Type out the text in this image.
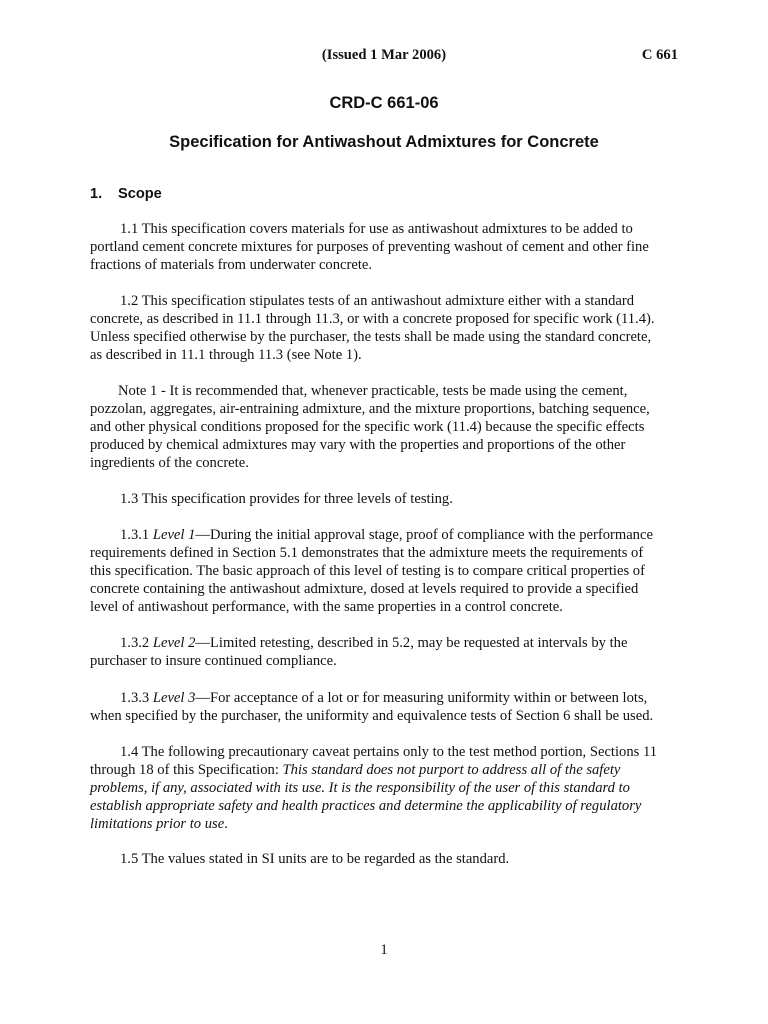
(Issued 1 Mar 2006)	C 661
CRD-C 661-06
Specification for Antiwashout Admixtures for Concrete
1. Scope
1.1 This specification covers materials for use as antiwashout admixtures to be added to
portland cement concrete mixtures for purposes of preventing washout of cement and other fine
fractions of materials from underwater concrete.
1.2 This specification stipulates tests of an antiwashout admixture either with a standard
concrete, as described in 11.1 through 11.3, or with a concrete proposed for specific work (11.4).
Unless specified otherwise by the purchaser, the tests shall be made using the standard concrete,
as described in 11.1 through 11.3 (see Note 1).
Note 1 - It is recommended that, whenever practicable, tests be made using the cement,
pozzolan, aggregates, air-entraining admixture, and the mixture proportions, batching sequence,
and other physical conditions proposed for the specific work (11.4) because the specific effects
produced by chemical admixtures may vary with the properties and proportions of the other
ingredients of the concrete.
1.3 This specification provides for three levels of testing.
1.3.1 Level 1—During the initial approval stage, proof of compliance with the performance
requirements defined in Section 5.1 demonstrates that the admixture meets the requirements of
this specification. The basic approach of this level of testing is to compare critical properties of
concrete containing the antiwashout admixture, dosed at levels required to provide a specified
level of antiwashout performance, with the same properties in a control concrete.
1.3.2 Level 2—Limited retesting, described in 5.2, may be requested at intervals by the
purchaser to insure continued compliance.
1.3.3 Level 3—For acceptance of a lot or for measuring uniformity within or between lots,
when specified by the purchaser, the uniformity and equivalence tests of Section 6 shall be used.
1.4 The following precautionary caveat pertains only to the test method portion, Sections 11
through 18 of this Specification: This standard does not purport to address all of the safety
problems, if any, associated with its use. It is the responsibility of the user of this standard to
establish appropriate safety and health practices and determine the applicability of regulatory
limitations prior to use.
1.5 The values stated in SI units are to be regarded as the standard.
1
